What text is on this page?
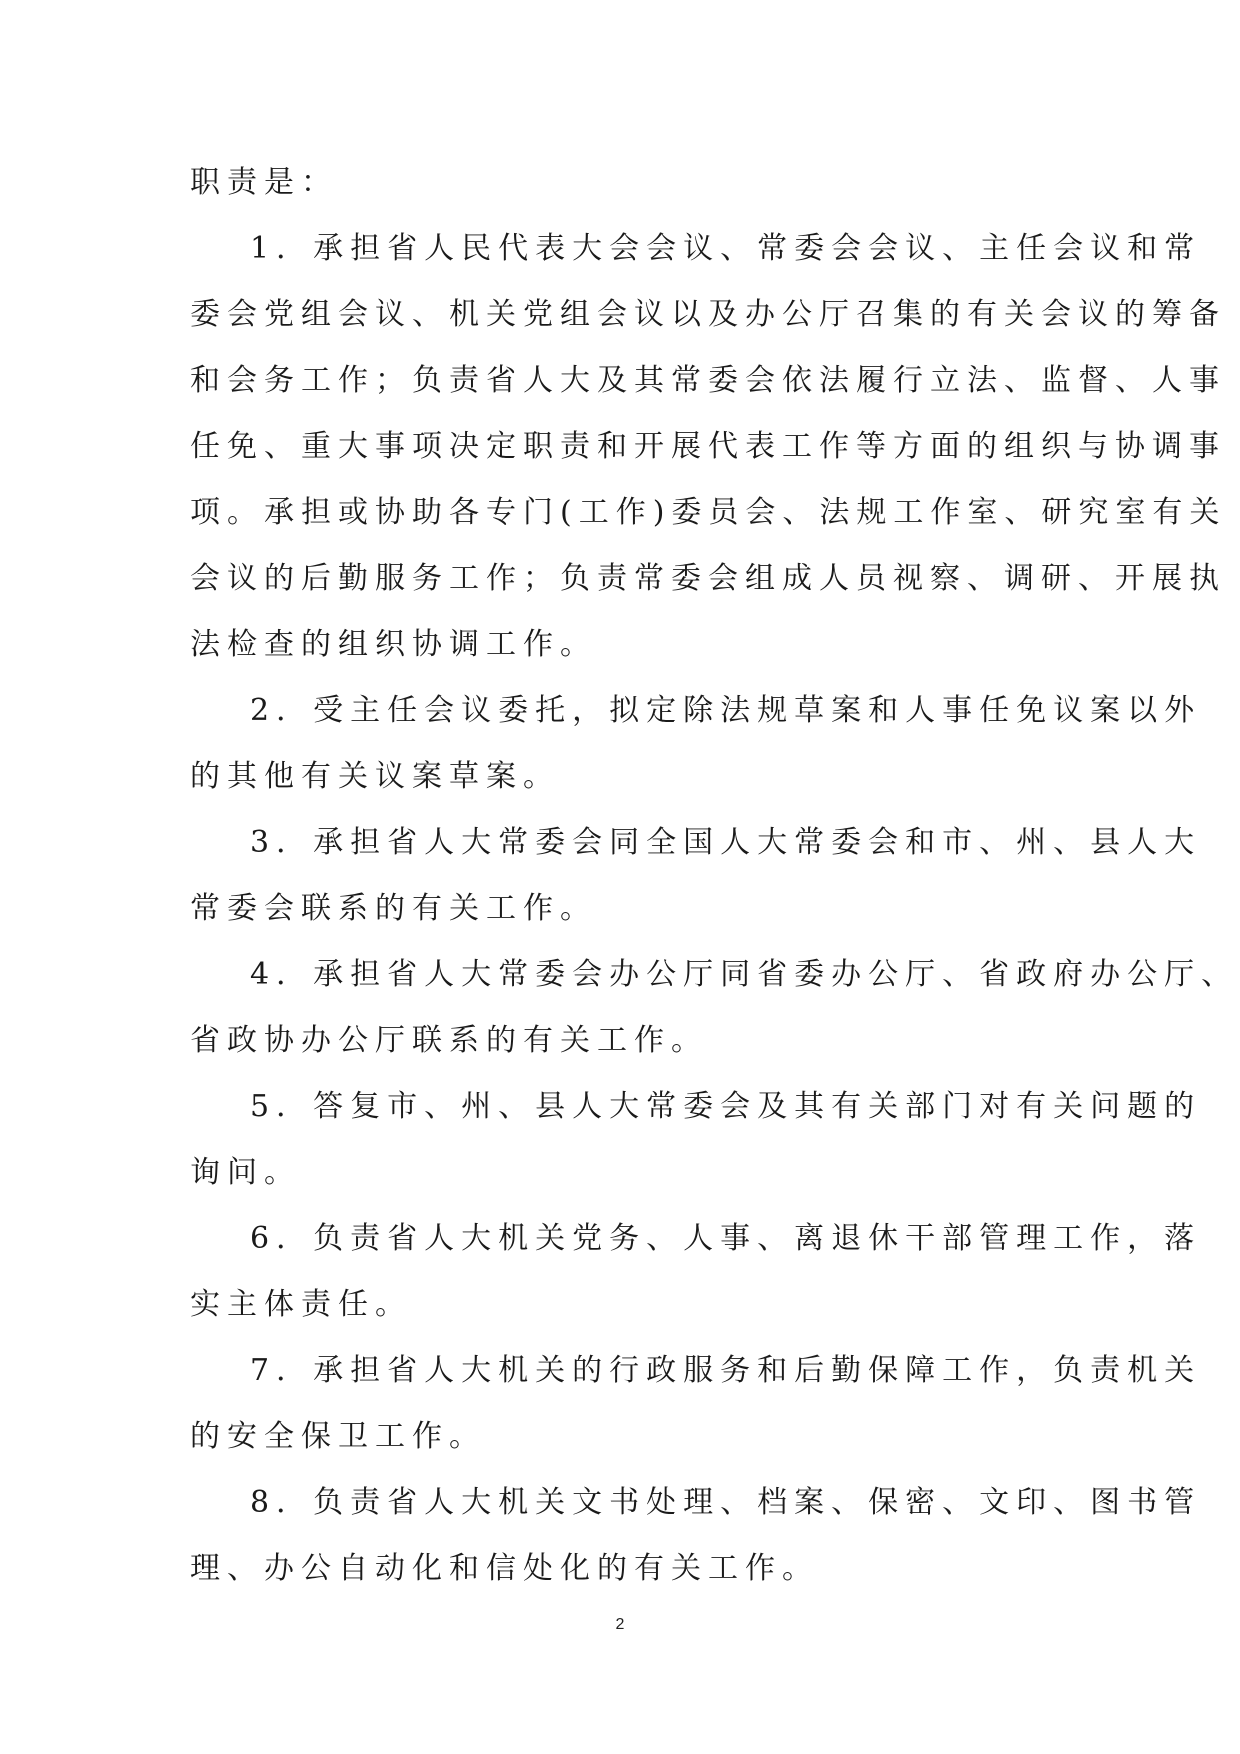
职责是：

1．承担省人民代表大会会议、常委会会议、主任会议和常

委会党组会议、机关党组会议以及办公厅召集的有关会议的筹备

和会务工作；负责省人大及其常委会依法履行立法、监督、人事

任免、重大事项决定职责和开展代表工作等方面的组织与协调事

项。承担或协助各专门(工作)委员会、法规工作室、研究室有关

会议的后勤服务工作；负责常委会组成人员视察、调研、开展执

法检查的组织协调工作。

2．受主任会议委托，拟定除法规草案和人事任免议案以外

的其他有关议案草案。

3．承担省人大常委会同全国人大常委会和市、州、县人大

常委会联系的有关工作。

4．承担省人大常委会办公厅同省委办公厅、省政府办公厅、

省政协办公厅联系的有关工作。

5．答复市、州、县人大常委会及其有关部门对有关问题的

询问。

6．负责省人大机关党务、人事、离退休干部管理工作，落

实主体责任。

7．承担省人大机关的行政服务和后勤保障工作，负责机关

的安全保卫工作。

8．负责省人大机关文书处理、档案、保密、文印、图书管

理、办公自动化和信处化的有关工作。

2
